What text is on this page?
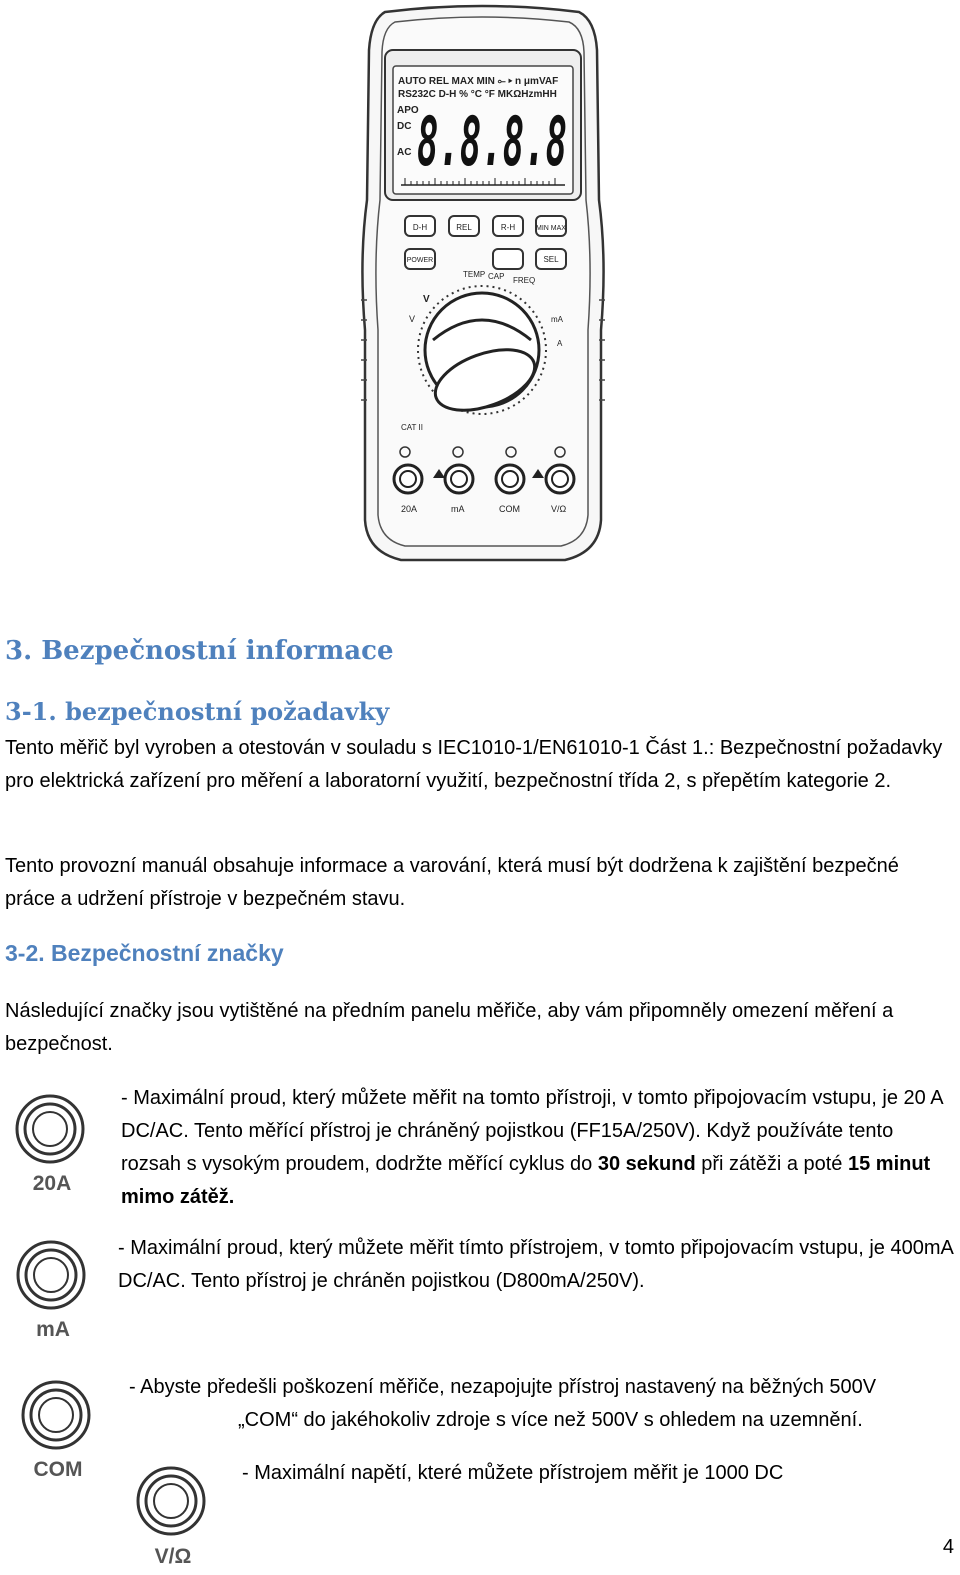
AUTO REL MAX MIN ⟜ ▸ n μmVAF
RS232C D-H % °C °F MKΩHzmHH
APO
DC
AC 8.8.8.8
D-H	REL	R-H	MIN MAX
POWER	SEL
TEMP CAP FREQ
V
V	mA
A
CAT II
20A	mA	COM	V/Ω
3. Bezpečnostní informace
3-1. bezpečnostní požadavky
Tento měřič byl vyroben a otestován v souladu s IEC1010-1/EN61010-1 Část 1.: Bezpečnostní požadavky pro elektrická zařízení pro měření a laboratorní využití, bezpečnostní třída 2, s přepětím kategorie 2.
Tento provozní manuál obsahuje informace a varování, která musí být dodržena k zajištění bezpečné práce a udržení přístroje v bezpečném stavu.
3-2. Bezpečnostní značky
Následující značky jsou vytištěné na předním panelu měřiče, aby vám připomněly omezení měření a bezpečnost.
20A
- Maximální proud, který můžete měřit na tomto přístroji, v tomto připojovacím vstupu, je 20 A DC/AC. Tento měřící přístroj je chráněný pojistkou (FF15A/250V). Když používáte tento rozsah s vysokým proudem, dodržte měřící cyklus do 30 sekund při zátěži a poté 15 minut mimo zátěž.
mA
- Maximální proud, který můžete měřit tímto přístrojem, v tomto připojovacím vstupu, je 400mA DC/AC. Tento přístroj je chráněn pojistkou (D800mA/250V).
COM
- Abyste předešli poškození měřiče, nezapojujte přístroj nastavený na běžných 500V
„COM“ do jakéhokoliv zdroje s více než 500V s ohledem na uzemnění.
V/Ω
- Maximální napětí, které můžete přístrojem měřit je 1000 DC
4
